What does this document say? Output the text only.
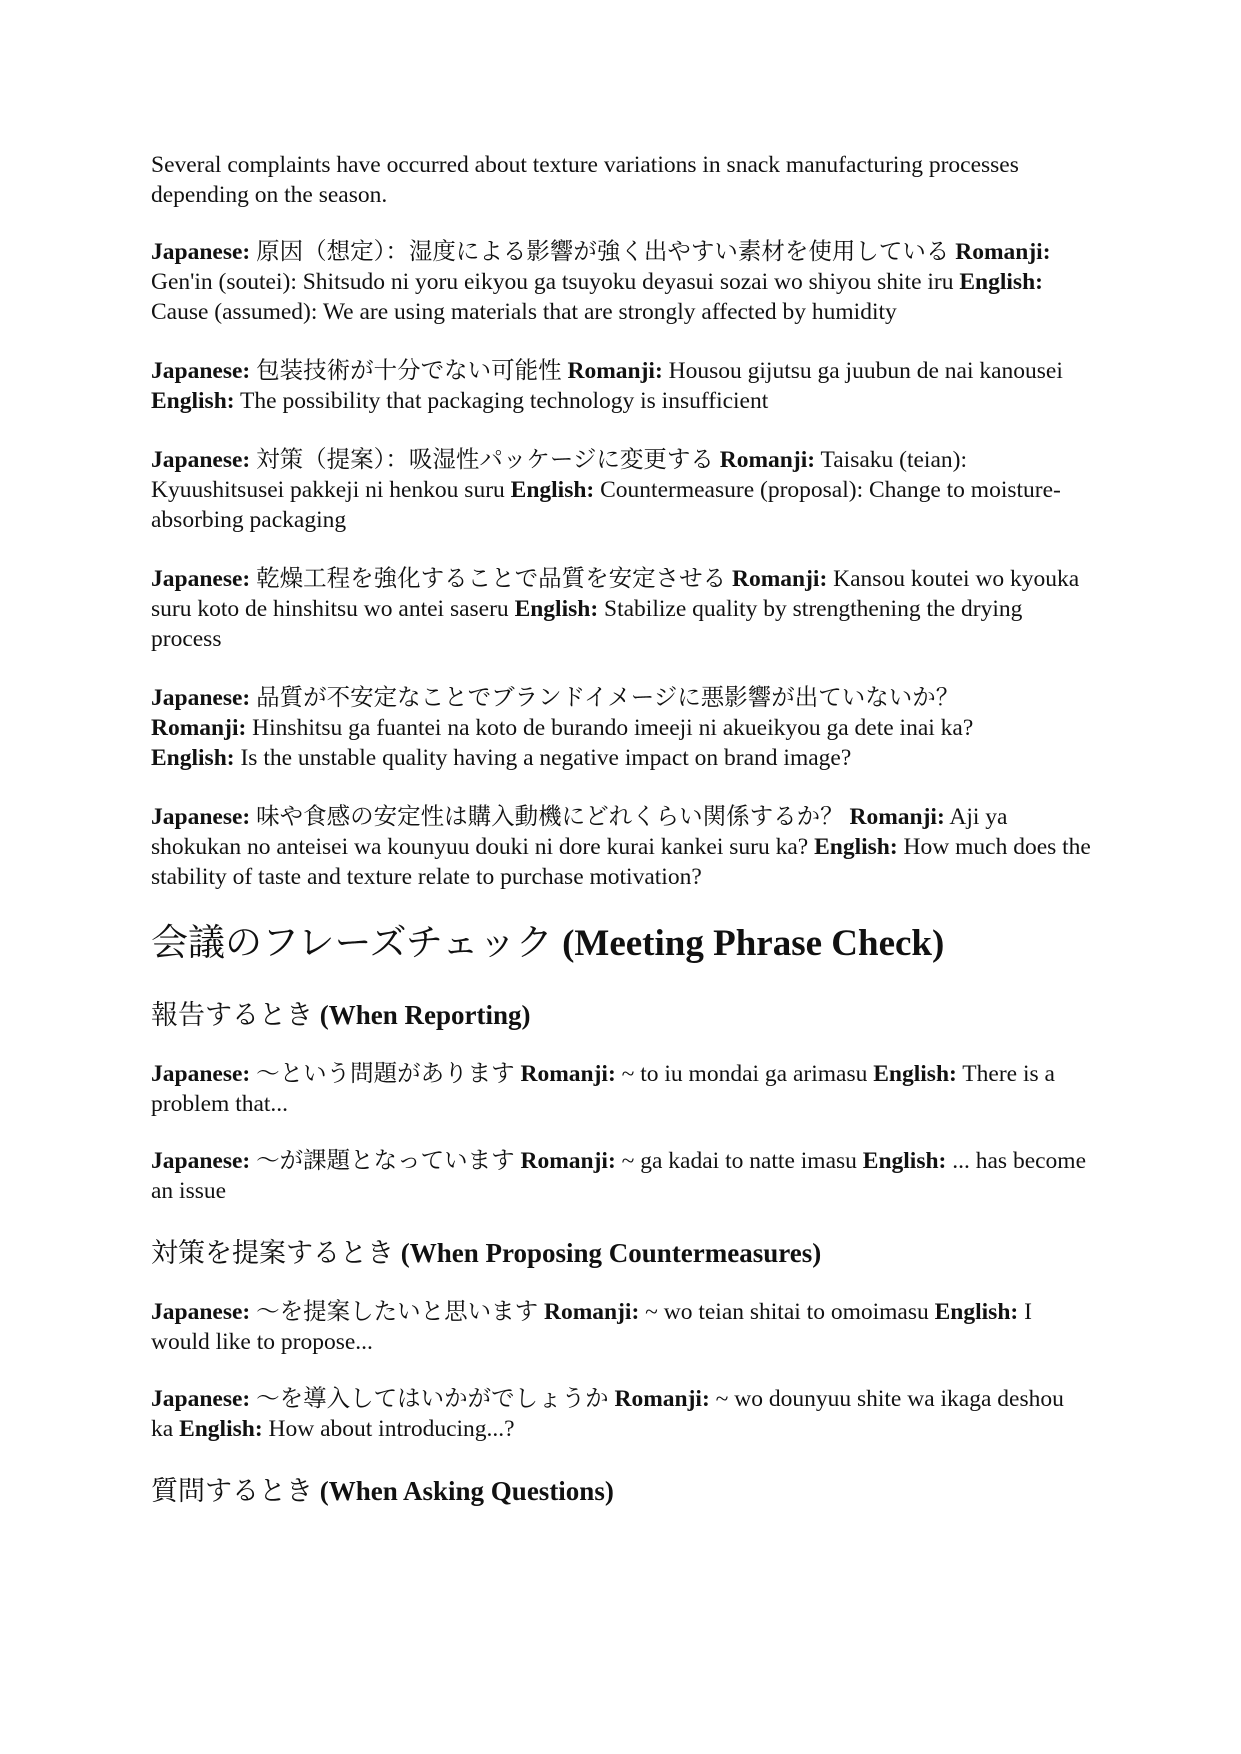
Several complaints have occurred about texture variations in snack manufacturing processes depending on the season.

Japanese: 原因（想定）：湿度による影響が強く出やすい素材を使用している Romanji: Gen'in (soutei): Shitsudo ni yoru eikyou ga tsuyoku deyasui sozai wo shiyou shite iru English: Cause (assumed): We are using materials that are strongly affected by humidity

Japanese: 包装技術が十分でない可能性 Romanji: Housou gijutsu ga juubun de nai kanousei English: The possibility that packaging technology is insufficient

Japanese: 対策（提案）：吸湿性パッケージに変更する Romanji: Taisaku (teian): Kyuushitsusei pakkeji ni henkou suru English: Countermeasure (proposal): Change to moisture-absorbing packaging

Japanese: 乾燥工程を強化することで品質を安定させる Romanji: Kansou koutei wo kyouka suru koto de hinshitsu wo antei saseru English: Stabilize quality by strengthening the drying process

Japanese: 品質が不安定なことでブランドイメージに悪影響が出ていないか？
Romanji: Hinshitsu ga fuantei na koto de burando imeeji ni akueikyou ga dete inai ka?
English: Is the unstable quality having a negative impact on brand image?

Japanese: 味や食感の安定性は購入動機にどれくらい関係するか？ Romanji: Aji ya shokukan no anteisei wa kounyuu douki ni dore kurai kankei suru ka? English: How much does the stability of taste and texture relate to purchase motivation?

会議のフレーズチェック (Meeting Phrase Check)
報告するとき (When Reporting)

Japanese: 〜という問題があります Romanji: ~ to iu mondai ga arimasu English: There is a problem that...

Japanese: 〜が課題となっています Romanji: ~ ga kadai to natte imasu English: ... has become an issue

対策を提案するとき (When Proposing Countermeasures)

Japanese: 〜を提案したいと思います Romanji: ~ wo teian shitai to omoimasu English: I would like to propose...

Japanese: 〜を導入してはいかがでしょうか Romanji: ~ wo dounyuu shite wa ikaga deshou ka English: How about introducing...?

質問するとき (When Asking Questions)
